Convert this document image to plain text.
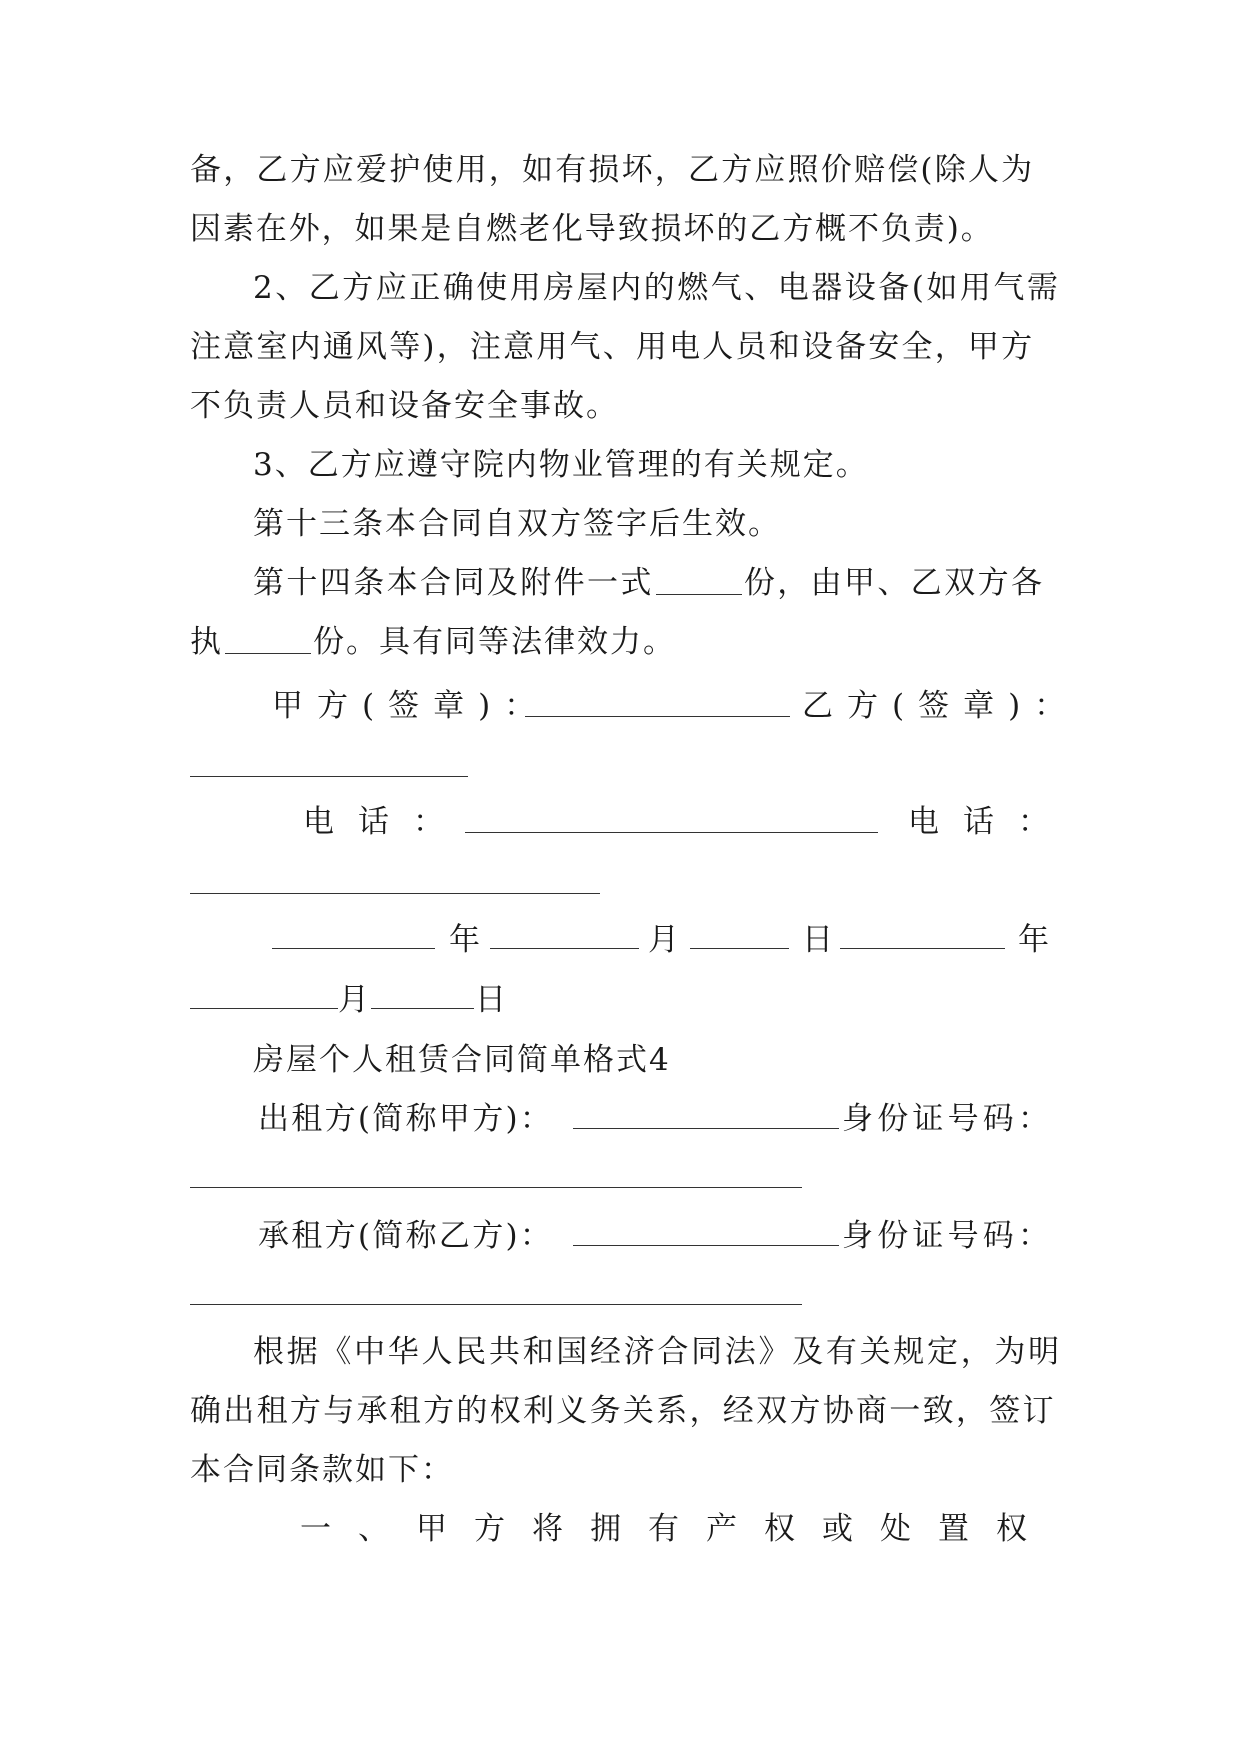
备，乙方应爱护使用，如有损坏，乙方应照价赔偿(除人为
因素在外，如果是自燃老化导致损坏的乙方概不负责)。
2、乙方应正确使用房屋内的燃气、电器设备(如用气需
注意室内通风等)，注意用气、用电人员和设备安全，甲方
不负责人员和设备安全事故。
3、乙方应遵守院内物业管理的有关规定。
第十三条本合同自双方签字后生效。
第十四条本合同及附件一式	份，由甲、乙双方各
执	份。具有同等法律效力。
甲方(签章)：	乙方(签章)：
电话：	电话：
年	月	日	年
月	日
房屋个人租赁合同简单格式4
出租方(简称甲方)：	身份证号码：
承租方(简称乙方)：	身份证号码：
根据《中华人民共和国经济合同法》及有关规定，为明
确出租方与承租方的权利义务关系，经双方协商一致，签订
本合同条款如下：
一、甲方将拥有产权或处置权
